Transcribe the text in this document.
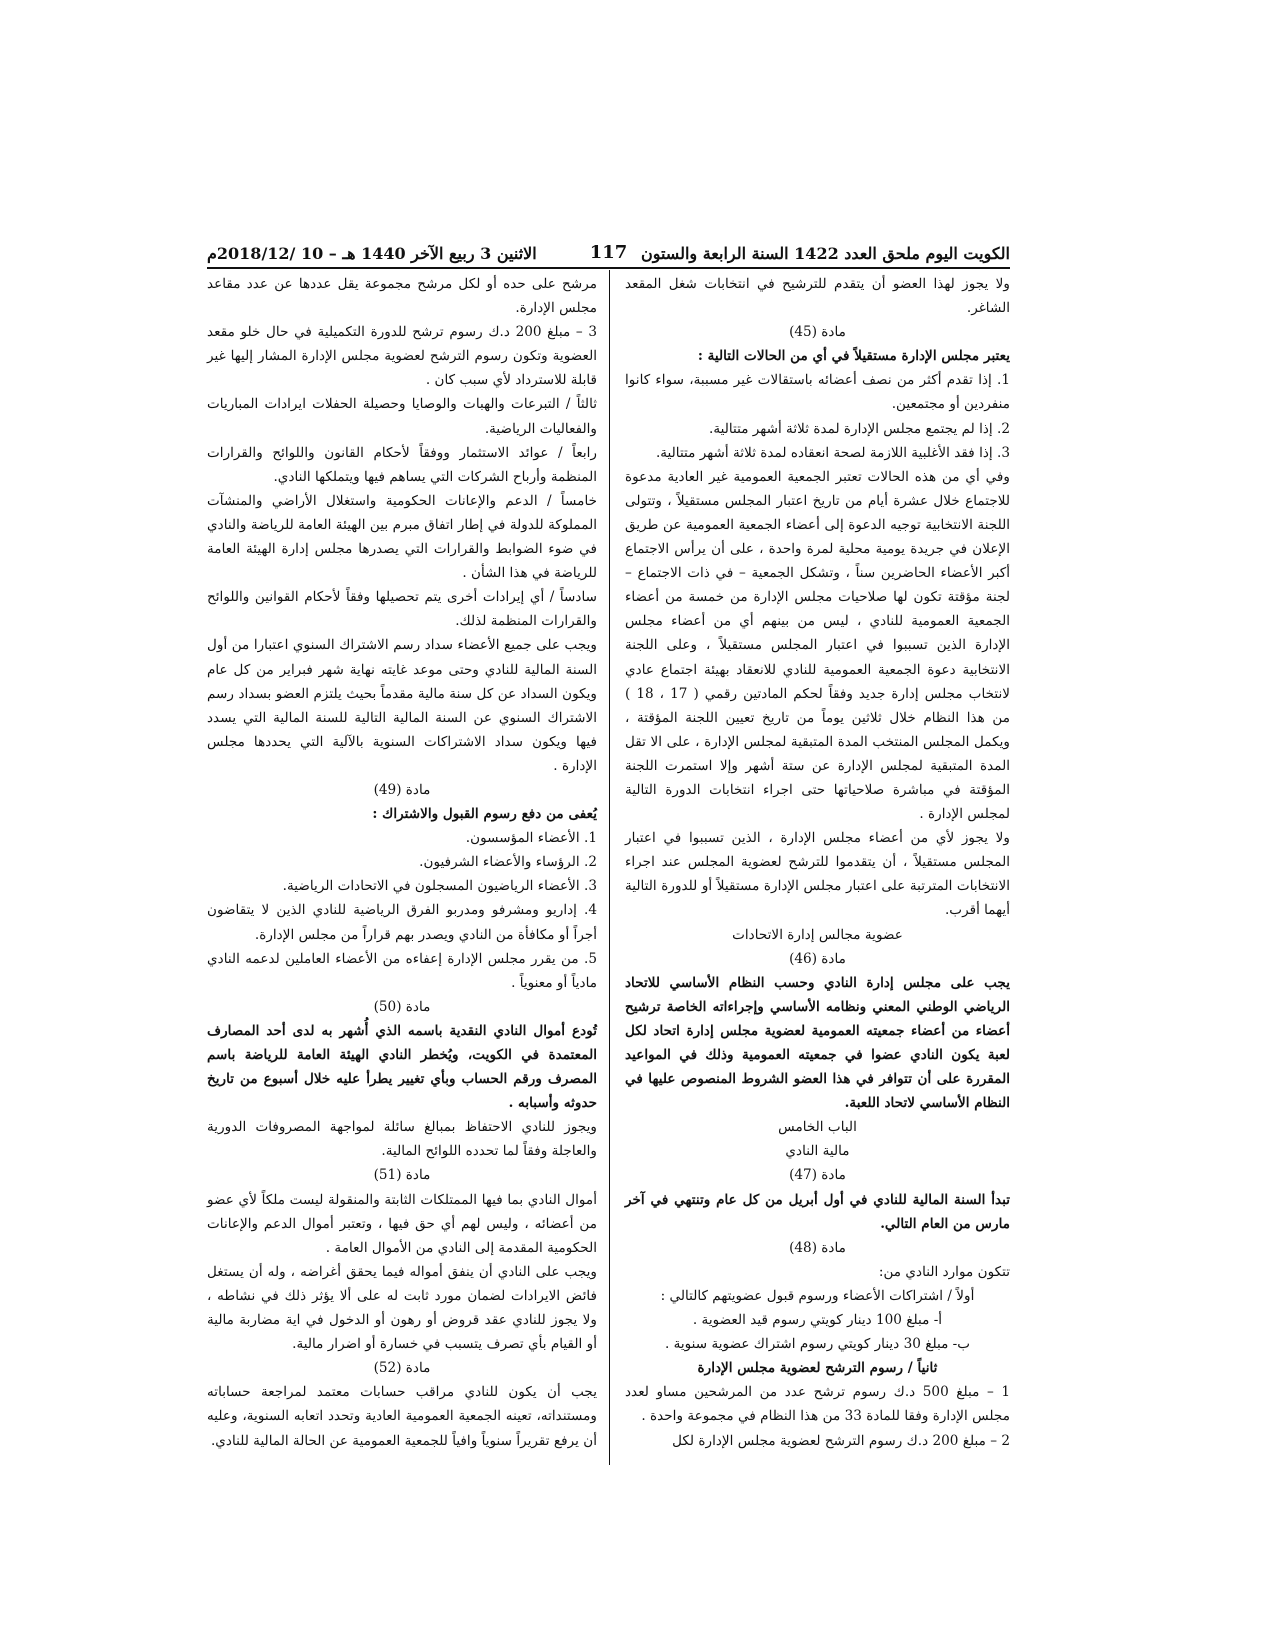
الكويت اليوم ملحق العدد 1422 السنة الرابعة والستون
117
الاثنين 3 ربيع الآخر 1440 هـ – 10 /2018/12م

ولا يجوز لهذا العضو أن يتقدم للترشيح في انتخابات شغل المقعد الشاغر.

مادة (45)

يعتبر مجلس الإدارة مستقيلاً في أي من الحالات التالية :

1. إذا تقدم أكثر من نصف أعضائه باستقالات غير مسببة، سواء كانوا منفردين أو مجتمعين.

2. إذا لم يجتمع مجلس الإدارة لمدة ثلاثة أشهر متتالية.

3. إذا فقد الأغلبية اللازمة لصحة انعقاده لمدة ثلاثة أشهر متتالية.

وفي أي من هذه الحالات تعتبر الجمعية العمومية غير العادية مدعوة للاجتماع خلال عشرة أيام من تاريخ اعتبار المجلس مستقيلاً ، وتتولى اللجنة الانتخابية توجيه الدعوة إلى أعضاء الجمعية العمومية عن طريق الإعلان في جريدة يومية محلية لمرة واحدة ، على أن يرأس الاجتماع أكبر الأعضاء الحاضرين سناً ، وتشكل الجمعية – في ذات الاجتماع – لجنة مؤقتة تكون لها صلاحيات مجلس الإدارة من خمسة من أعضاء الجمعية العمومية للنادي ، ليس من بينهم أي من أعضاء مجلس الإدارة الذين تسببوا في اعتبار المجلس مستقيلاً ، وعلى اللجنة الانتخابية دعوة الجمعية العمومية للنادي للانعقاد بهيئة اجتماع عادي لانتخاب مجلس إدارة جديد وفقاً لحكم المادتين رقمي ( 17 ، 18 ) من هذا النظام خلال ثلاثين يوماً من تاريخ تعيين اللجنة المؤقتة ، ويكمل المجلس المنتخب المدة المتبقية لمجلس الإدارة ، على الا تقل المدة المتبقية لمجلس الإدارة عن ستة أشهر وإلا استمرت اللجنة المؤقتة في مباشرة صلاحياتها حتى اجراء انتخابات الدورة التالية لمجلس الإدارة .

ولا يجوز لأي من أعضاء مجلس الإدارة ، الذين تسببوا في اعتبار المجلس مستقيلاً ، أن يتقدموا للترشح لعضوية المجلس عند اجراء الانتخابات المترتبة على اعتبار مجلس الإدارة مستقيلاً أو للدورة التالية أيهما أقرب.

عضوية مجالس إدارة الاتحادات

مادة (46)

يجب على مجلس إدارة النادي وحسب النظام الأساسي للاتحاد الرياضي الوطني المعني ونظامه الأساسي وإجراءاته الخاصة ترشيح أعضاء من أعضاء جمعيته العمومية لعضوية مجلس إدارة اتحاد لكل لعبة يكون النادي عضوا في جمعيته العمومية وذلك في المواعيد المقررة على أن تتوافر في هذا العضو الشروط المنصوص عليها في النظام الأساسي لاتحاد اللعبة.

الباب الخامس

مالية النادي

مادة (47)

تبدأ السنة المالية للنادي في أول أبريل من كل عام وتنتهي في آخر مارس من العام التالي.

مادة (48)

تتكون موارد النادي من:

أولاً / اشتراكات الأعضاء ورسوم قبول عضويتهم كالتالي :

أ- مبلغ 100 دينار كويتي رسوم قيد العضوية .

ب- مبلغ 30 دينار كويتي رسوم اشتراك عضوية سنوية .

ثانياً / رسوم الترشح لعضوية مجلس الإدارة

1 – مبلغ 500 د.ك رسوم ترشح عدد من المرشحين مساو لعدد مجلس الإدارة وفقا للمادة 33 من هذا النظام في مجموعة واحدة .

2 – مبلغ 200 د.ك رسوم الترشح لعضوية مجلس الإدارة لكل

مرشح على حده أو لكل مرشح مجموعة يقل عددها عن عدد مقاعد مجلس الإدارة.

3 – مبلغ 200 د.ك رسوم ترشح للدورة التكميلية في حال خلو مقعد العضوية وتكون رسوم الترشح لعضوية مجلس الإدارة المشار إليها غير قابلة للاسترداد لأي سبب كان .

ثالثاً / التبرعات والهبات والوصايا وحصيلة الحفلات ايرادات المباريات والفعاليات الرياضية.

رابعاً / عوائد الاستثمار ووفقاً لأحكام القانون واللوائح والقرارات المنظمة وأرباح الشركات التي يساهم فيها ويتملكها النادي.

خامساً / الدعم والإعانات الحكومية واستغلال الأراضي والمنشآت المملوكة للدولة في إطار اتفاق مبرم بين الهيئة العامة للرياضة والنادي في ضوء الضوابط والقرارات التي يصدرها مجلس إدارة الهيئة العامة للرياضة في هذا الشأن .

سادساً / أي إيرادات أخرى يتم تحصيلها وفقاً لأحكام القوانين واللوائح والقرارات المنظمة لذلك.

ويجب على جميع الأعضاء سداد رسم الاشتراك السنوي اعتبارا من أول السنة المالية للنادي وحتى موعد غايته نهاية شهر فبراير من كل عام ويكون السداد عن كل سنة مالية مقدماً بحيث يلتزم العضو بسداد رسم الاشتراك السنوي عن السنة المالية التالية للسنة المالية التي يسدد فيها ويكون سداد الاشتراكات السنوية بالآلية التي يحددها مجلس الإدارة .

مادة (49)

يُعفى من دفع رسوم القبول والاشتراك :

1. الأعضاء المؤسسون.

2. الرؤساء والأعضاء الشرفيون.

3. الأعضاء الرياضيون المسجلون في الاتحادات الرياضية.

4. إداريو ومشرفو ومدربو الفرق الرياضية للنادي الذين لا يتقاضون أجراً أو مكافأة من النادي ويصدر بهم قراراً من مجلس الإدارة.

5. من يقرر مجلس الإدارة إعفاءه من الأعضاء العاملين لدعمه النادي مادياً أو معنوياً .

مادة (50)

تُودع أموال النادي النقدية باسمه الذي أُشهر به لدى أحد المصارف المعتمدة في الكويت، ويُخطر النادي الهيئة العامة للرياضة باسم المصرف ورقم الحساب وبأي تغيير يطرأ عليه خلال أسبوع من تاريخ حدوثه وأسبابه .

ويجوز للنادي الاحتفاظ بمبالغ سائلة لمواجهة المصروفات الدورية والعاجلة وفقاً لما تحدده اللوائح المالية.

مادة (51)

أموال النادي بما فيها الممتلكات الثابتة والمنقولة ليست ملكاً لأي عضو من أعضائه ، وليس لهم أي حق فيها ، وتعتبر أموال الدعم والإعانات الحكومية المقدمة إلى النادي من الأموال العامة .

ويجب على النادي أن ينفق أمواله فيما يحقق أغراضه ، وله أن يستغل فائض الايرادات لضمان مورد ثابت له على ألا يؤثر ذلك في نشاطه ، ولا يجوز للنادي عقد قروض أو رهون أو الدخول في اية مضاربة مالية أو القيام بأي تصرف يتسبب في خسارة أو اضرار مالية.

مادة (52)

يجب أن يكون للنادي مراقب حسابات معتمد لمراجعة حساباته ومستنداته، تعينه الجمعية العمومية العادية وتحدد اتعابه السنوية، وعليه أن يرفع تقريراً سنوياً وافياً للجمعية العمومية عن الحالة المالية للنادي.
